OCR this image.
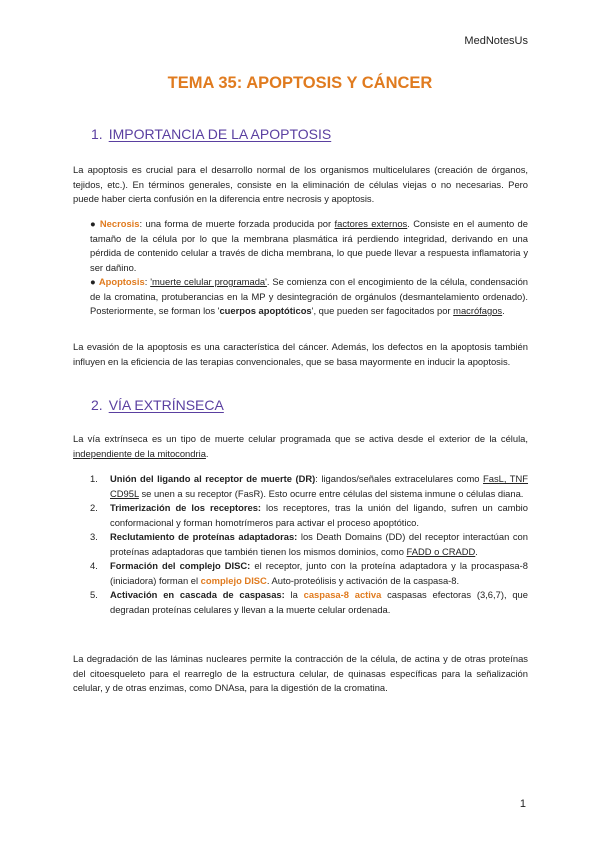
MedNotesUs
TEMA 35: APOPTOSIS Y CÁNCER
1. IMPORTANCIA DE LA APOPTOSIS
La apoptosis es crucial para el desarrollo normal de los organismos multicelulares (creación de órganos, tejidos, etc.). En términos generales, consiste en la eliminación de células viejas o no necesarias. Pero puede haber cierta confusión en la diferencia entre necrosis y apoptosis.
● Necrosis: una forma de muerte forzada producida por factores externos. Consiste en el aumento de tamaño de la célula por lo que la membrana plasmática irá perdiendo integridad, derivando en una pérdida de contenido celular a través de dicha membrana, lo que puede llevar a respuesta inflamatoria y ser dañino.
● Apoptosis: 'muerte celular programada'. Se comienza con el encogimiento de la célula, condensación de la cromatina, protuberancias en la MP y desintegración de orgánulos (desmantelamiento ordenado). Posteriormente, se forman los 'cuerpos apoptóticos', que pueden ser fagocitados por macrófagos.
La evasión de la apoptosis es una característica del cáncer. Además, los defectos en la apoptosis también influyen en la eficiencia de las terapias convencionales, que se basa mayormente en inducir la apoptosis.
2. VÍA EXTRÍNSECA
La vía extrínseca es un tipo de muerte celular programada que se activa desde el exterior de la célula, independiente de la mitocondria.
1. Unión del ligando al receptor de muerte (DR): ligandos/señales extracelulares como FasL, TNF CD95L se unen a su receptor (FasR). Esto ocurre entre células del sistema inmune o células diana.
2. Trimerización de los receptores: los receptores, tras la unión del ligando, sufren un cambio conformacional y forman homotrímeros para activar el proceso apoptótico.
3. Reclutamiento de proteínas adaptadoras: los Death Domains (DD) del receptor interactúan con proteínas adaptadoras que también tienen los mismos dominios, como FADD o CRADD.
4. Formación del complejo DISC: el receptor, junto con la proteína adaptadora y la procaspasa-8 (iniciadora) forman el complejo DISC. Auto-proteólisis y activación de la caspasa-8.
5. Activación en cascada de caspasas: la caspasa-8 activa caspasas efectoras (3,6,7), que degradan proteínas celulares y llevan a la muerte celular ordenada.
La degradación de las láminas nucleares permite la contracción de la célula, de actina y de otras proteínas del citoesqueleto para el rearreglo de la estructura celular, de quinasas específicas para la señalización celular, y de otras enzimas, como DNAsa, para la digestión de la cromatina.
1
